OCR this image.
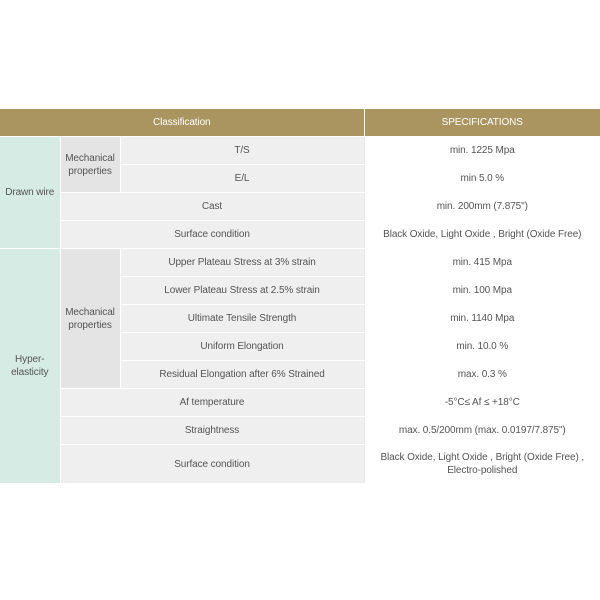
Classification			SPECIFICATIONS
Drawn wire	Mechanical properties	T/S	min. 1225 Mpa
		E/L	min 5.0 %
	Cast		min. 200mm (7.875")
	Surface condition		Black Oxide, Light Oxide , Bright (Oxide Free)
Hyper-elasticity	Mechanical properties	Upper Plateau Stress at 3% strain	min. 415 Mpa
		Lower Plateau Stress at 2.5% strain	min. 100 Mpa
		Ultimate Tensile Strength	min. 1140 Mpa
		Uniform Elongation	min. 10.0 %
		Residual Elongation after 6% Strained	max. 0.3 %
	Af temperature		-5°C≤ Af ≤ +18°C
	Straightness		max. 0.5/200mm (max. 0.0197/7.875")
	Surface condition		Black Oxide, Light Oxide , Bright (Oxide Free) , Electro-polished
